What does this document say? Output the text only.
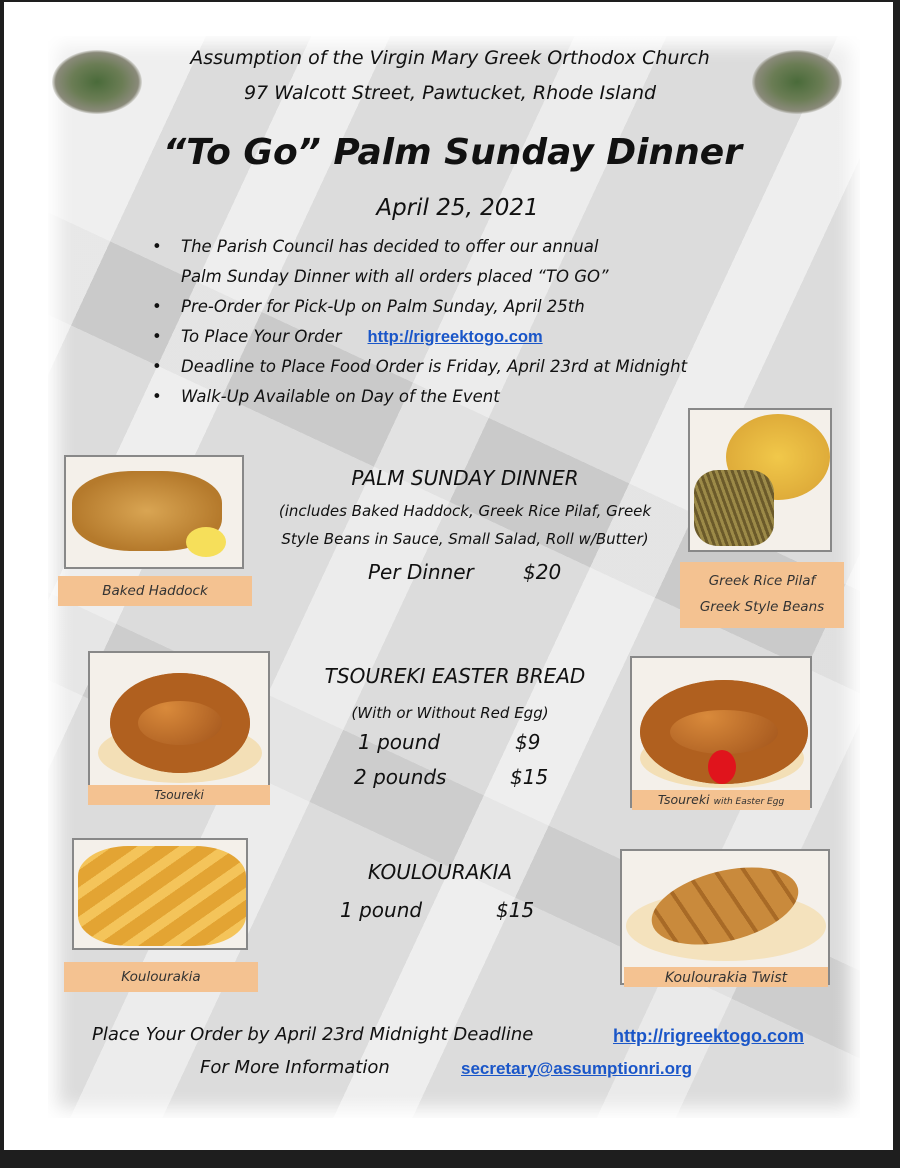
Assumption of the Virgin Mary Greek Orthodox Church
97 Walcott Street, Pawtucket, Rhode Island
“To Go” Palm Sunday Dinner
April 25, 2021
• The Parish Council has decided to offer our annual
Palm Sunday Dinner with all orders placed “TO GO”
• Pre-Order for Pick-Up on Palm Sunday, April 25th
• To Place Your Order http://rigreektogo.com
• Deadline to Place Food Order is Friday, April 23rd at Midnight
• Walk-Up Available on Day of the Event
Baked Haddock
Greek Rice Pilaf
Greek Style Beans
PALM SUNDAY DINNER
(includes Baked Haddock, Greek Rice Pilaf, Greek
Style Beans in Sauce, Small Salad, Roll w/Butter)
Per Dinner $20
Tsoureki	Tsoureki with Easter Egg
TSOUREKI EASTER BREAD
(With or Without Red Egg)
1 pound	$9
2 pounds	$15
Koulourakia	Koulourakia Twist
KOULOURAKIA
1 pound	$15
Place Your Order by April 23rd Midnight Deadline	http://rigreektogo.com
For More Information	secretary@assumptionri.org
